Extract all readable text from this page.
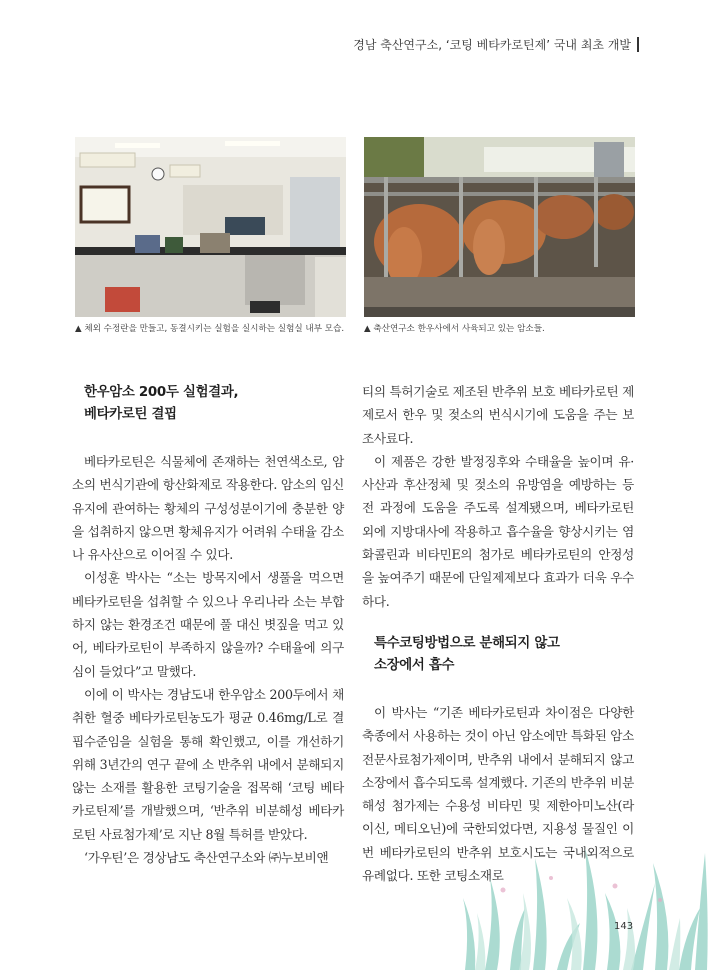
경남 축산연구소, ‘코팅 베타카로틴제’ 국내 최초 개발
▲ 체외 수정란을 만들고, 동결시키는 실험을 실시하는 실험실 내부 모습. ▲ 축산연구소 한우사에서 사육되고 있는 암소들.
한우암소 200두 실험결과,
베타카로틴 결핍

베타카로틴은 식물체에 존재하는 천연색소로, 암소의 번식기관에 항산화제로 작용한다. 암소의 임신유지에 관여하는 황체의 구성성분이기에 충분한 양을 섭취하지 않으면 황체유지가 어려워 수태율 감소나 유사산으로 이어질 수 있다.

이성훈 박사는 “소는 방목지에서 생풀을 먹으면 베타카로틴을 섭취할 수 있으나 우리나라 소는 부합하지 않는 환경조건 때문에 풀 대신 볏짚을 먹고 있어, 베타카로틴이 부족하지 않을까? 수태율에 의구심이 들었다”고 말했다.

이에 이 박사는 경남도내 한우암소 200두에서 채취한 혈중 베타카로틴농도가 평균 0.46mg/L로 결핍수준임을 실험을 통해 확인했고, 이를 개선하기 위해 3년간의 연구 끝에 소 반추위 내에서 분해되지 않는 소재를 활용한 코팅기술을 접목해 ‘코팅 베타카로틴제’를 개발했으며, ‘반추위 비분해성 베타카로틴 사료첨가제’로 지난 8월 특허를 받았다.

‘가우틴’은 경상남도 축산연구소와 ㈜누보비앤

티의 특허기술로 제조된 반추위 보호 베타카로틴 제제로서 한우 및 젖소의 번식시기에 도움을 주는 보조사료다.

이 제품은 강한 발정징후와 수태율을 높이며 유·사산과 후산정체 및 젖소의 유방염을 예방하는 등 전 과정에 도움을 주도록 설계됐으며, 베타카로틴 외에 지방대사에 작용하고 흡수율을 향상시키는 염화콜린과 비타민E의 첨가로 베타카로틴의 안정성을 높여주기 때문에 단일제제보다 효과가 더욱 우수하다.

특수코팅방법으로 분해되지 않고
소장에서 흡수

이 박사는 “기존 베타카로틴과 차이점은 다양한 축종에서 사용하는 것이 아닌 암소에만 특화된 암소 전문사료첨가제이며, 반추위 내에서 분해되지 않고 소장에서 흡수되도록 설계했다. 기존의 반추위 비분해성 첨가제는 수용성 비타민 및 제한아미노산(라이신, 메티오닌)에 국한되었다면, 지용성 물질인 이번 베타카로틴의 반추위 보호시도는 국내외적으로 유례없다. 또한 코팅소재로

143
